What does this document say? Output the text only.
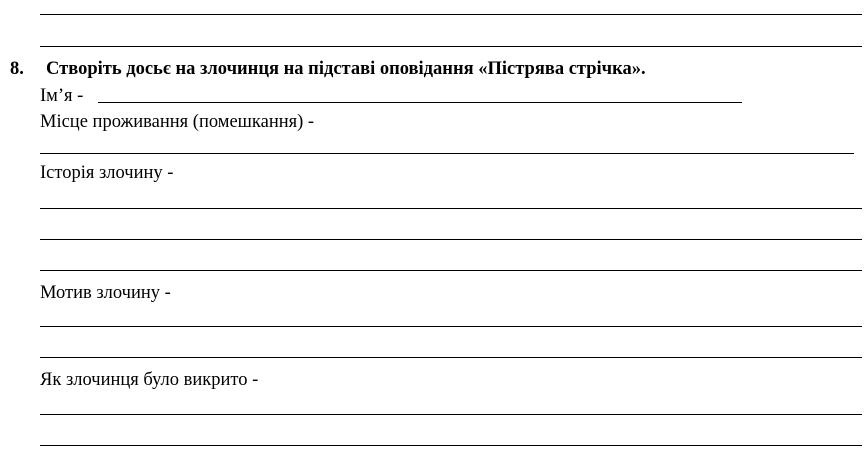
8. Створіть досьє на злочинця на підставі оповідання «Пістрява стрічка».
Ім’я -
Місце проживання (помешкання) -
Історія злочину -
Мотив злочину -
Як злочинця було викрито -
